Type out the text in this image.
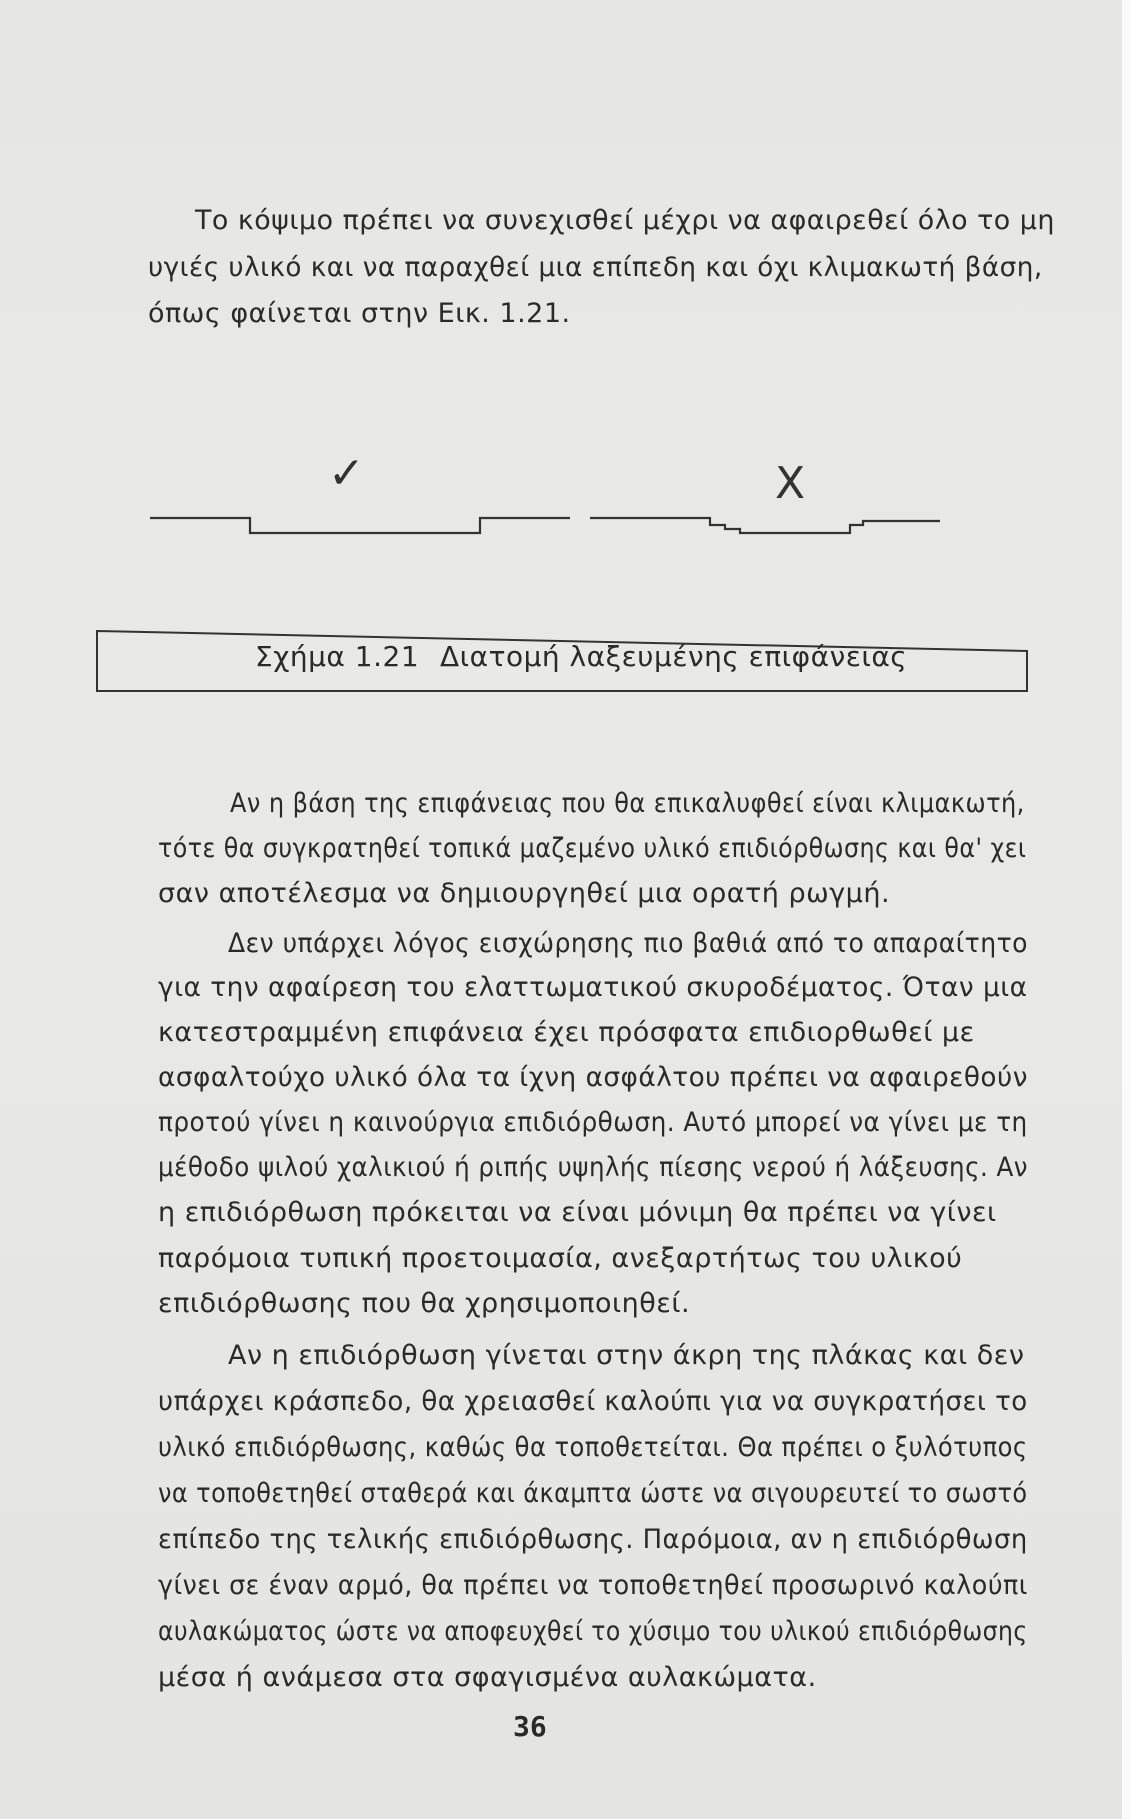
Το κόψιμο πρέπει να συνεχισθεί μέχρι να αφαιρεθεί όλο το μη
υγιές υλικό και να παραχθεί μια επίπεδη και όχι κλιμακωτή βάση,
όπως φαίνεται στην Εικ. 1.21.
✓	X
Σχήμα 1.21 Διατομή λαξευμένης επιφάνειας
Αν η βάση της επιφάνειας που θα επικαλυφθεί είναι κλιμακωτή,
τότε θα συγκρατηθεί τοπικά μαζεμένο υλικό επιδιόρθωσης και θα' χει
σαν αποτέλεσμα να δημιουργηθεί μια ορατή ρωγμή.
Δεν υπάρχει λόγος εισχώρησης πιο βαθιά από το απαραίτητο
για την αφαίρεση του ελαττωματικού σκυροδέματος. Όταν μια
κατεστραμμένη επιφάνεια έχει πρόσφατα επιδιορθωθεί με
ασφαλτούχο υλικό όλα τα ίχνη ασφάλτου πρέπει να αφαιρεθούν
προτού γίνει η καινούργια επιδιόρθωση. Αυτό μπορεί να γίνει με τη
μέθοδο ψιλού χαλικιού ή ριπής υψηλής πίεσης νερού ή λάξευσης. Αν
η επιδιόρθωση πρόκειται να είναι μόνιμη θα πρέπει να γίνει
παρόμοια τυπική προετοιμασία, ανεξαρτήτως του υλικού
επιδιόρθωσης που θα χρησιμοποιηθεί.
Αν η επιδιόρθωση γίνεται στην άκρη της πλάκας και δεν
υπάρχει κράσπεδο, θα χρειασθεί καλούπι για να συγκρατήσει το
υλικό επιδιόρθωσης, καθώς θα τοποθετείται. Θα πρέπει ο ξυλότυπος
να τοποθετηθεί σταθερά και άκαμπτα ώστε να σιγουρευτεί το σωστό
επίπεδο της τελικής επιδιόρθωσης. Παρόμοια, αν η επιδιόρθωση
γίνει σε έναν αρμό, θα πρέπει να τοποθετηθεί προσωρινό καλούπι
αυλακώματος ώστε να αποφευχθεί το χύσιμο του υλικού επιδιόρθωσης
μέσα ή ανάμεσα στα σφαγισμένα αυλακώματα.
36
